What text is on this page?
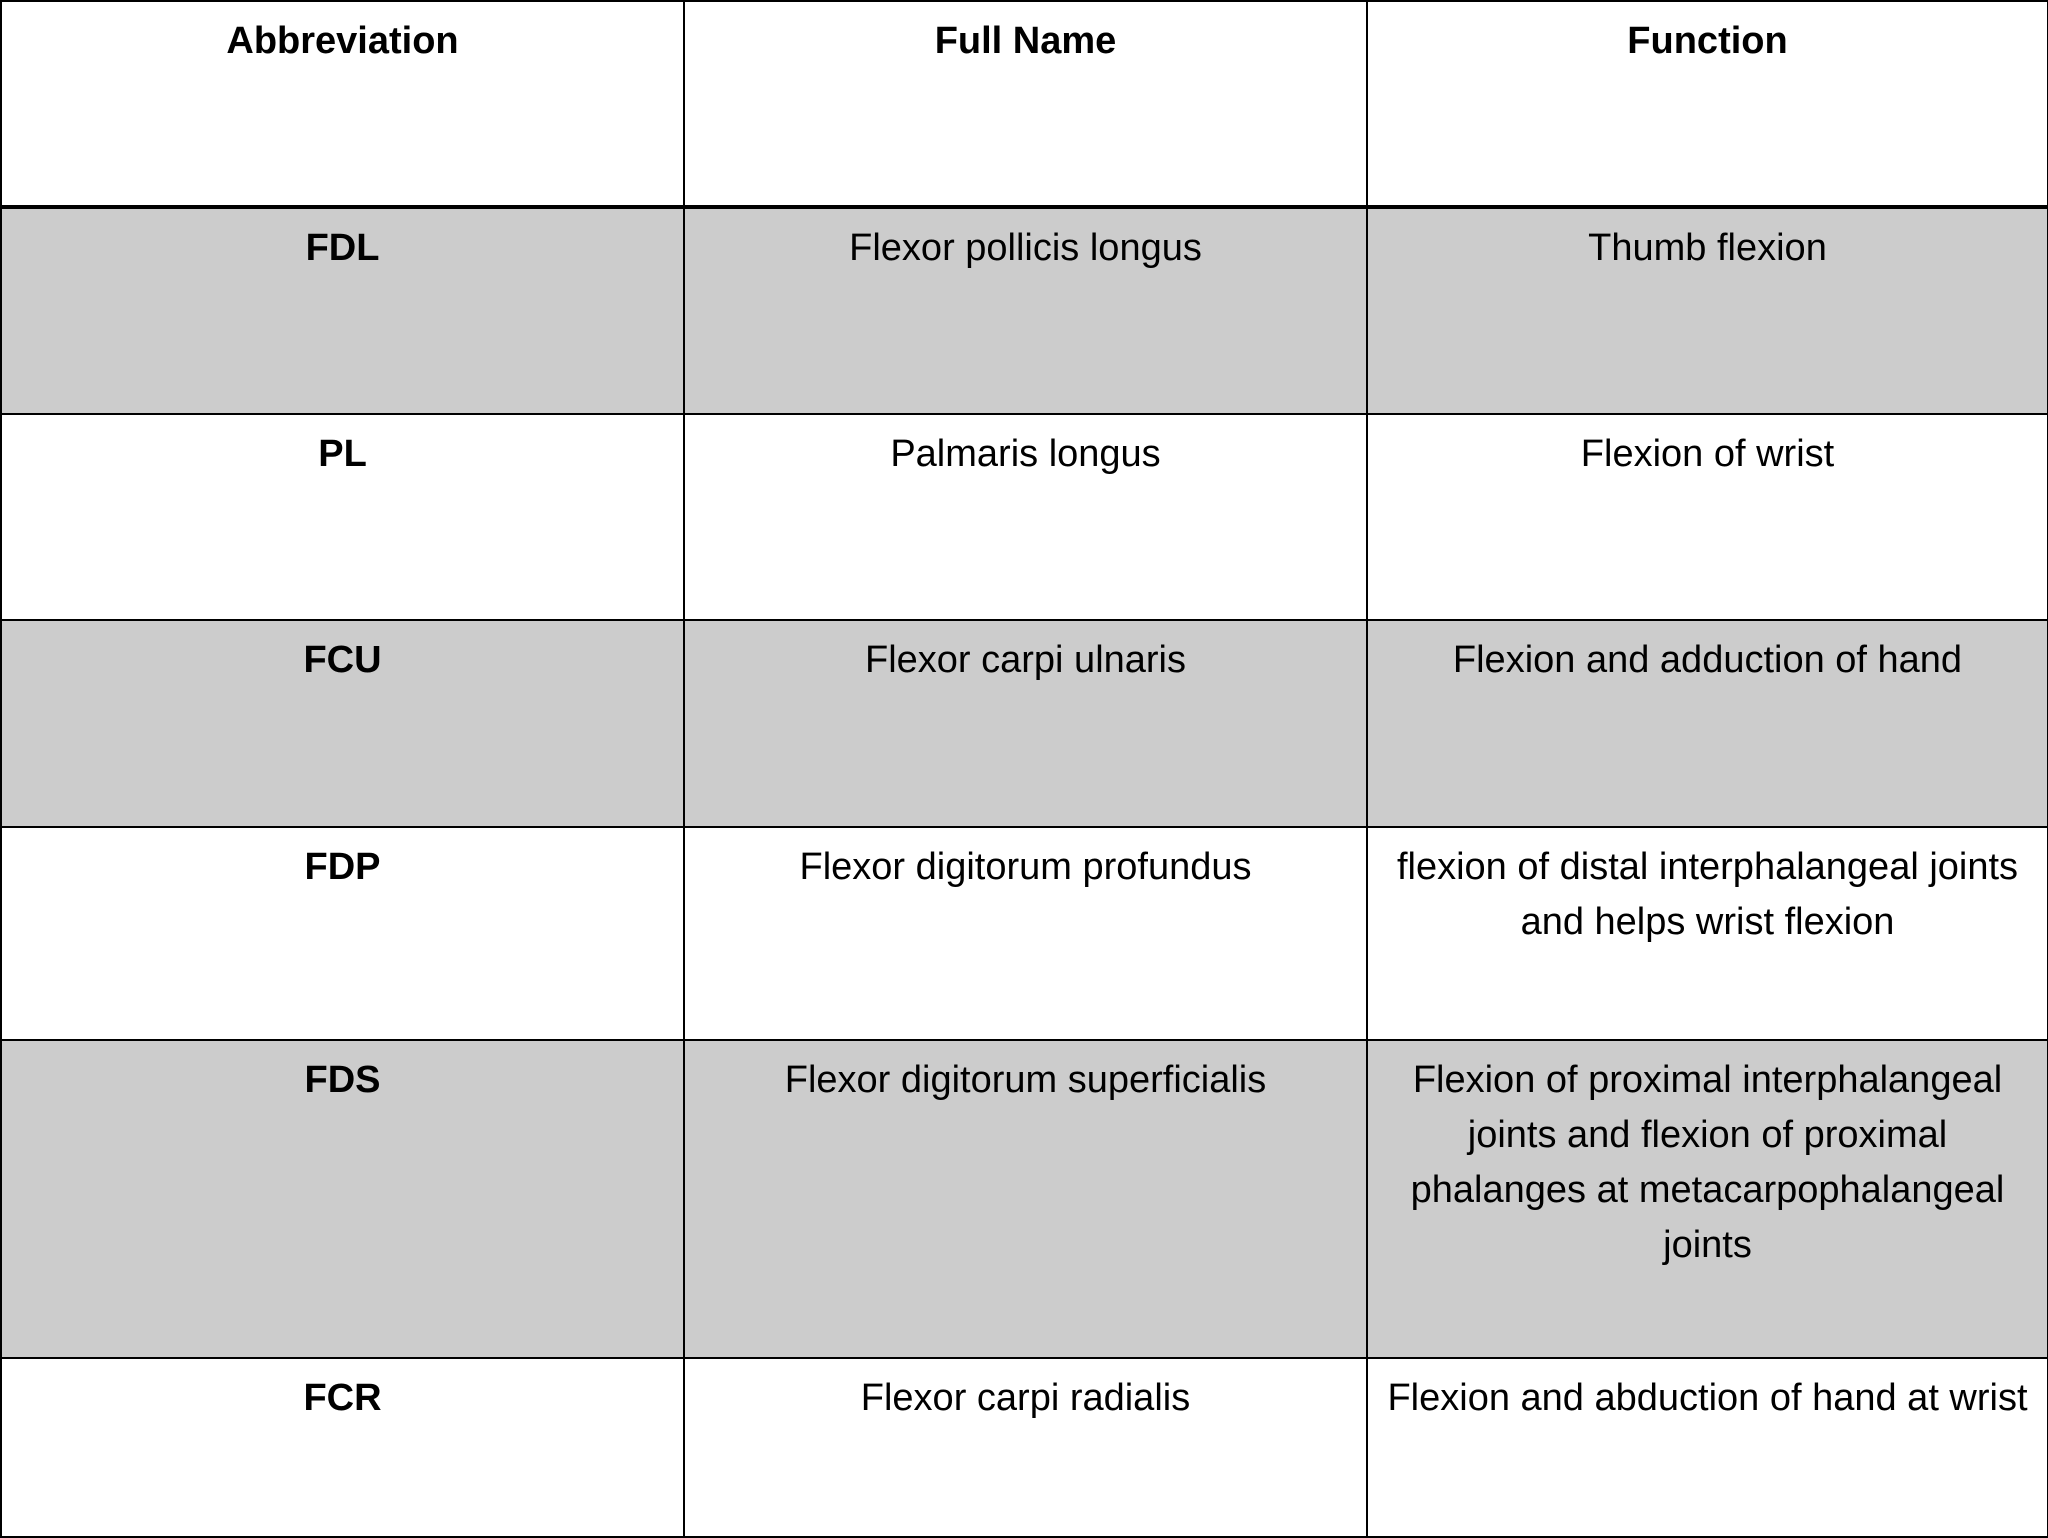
Abbreviation	Full Name	Function
FDL	Flexor pollicis longus	Thumb flexion
PL	Palmaris longus	Flexion of wrist
FCU	Flexor carpi ulnaris	Flexion and adduction of hand
FDP	Flexor digitorum profundus	flexion of distal interphalangeal joints and helps wrist flexion
FDS	Flexor digitorum superficialis	Flexion of proximal interphalangeal joints and flexion of proximal phalanges at metacarpophalangeal joints
FCR	Flexor carpi radialis	Flexion and abduction of hand at wrist
